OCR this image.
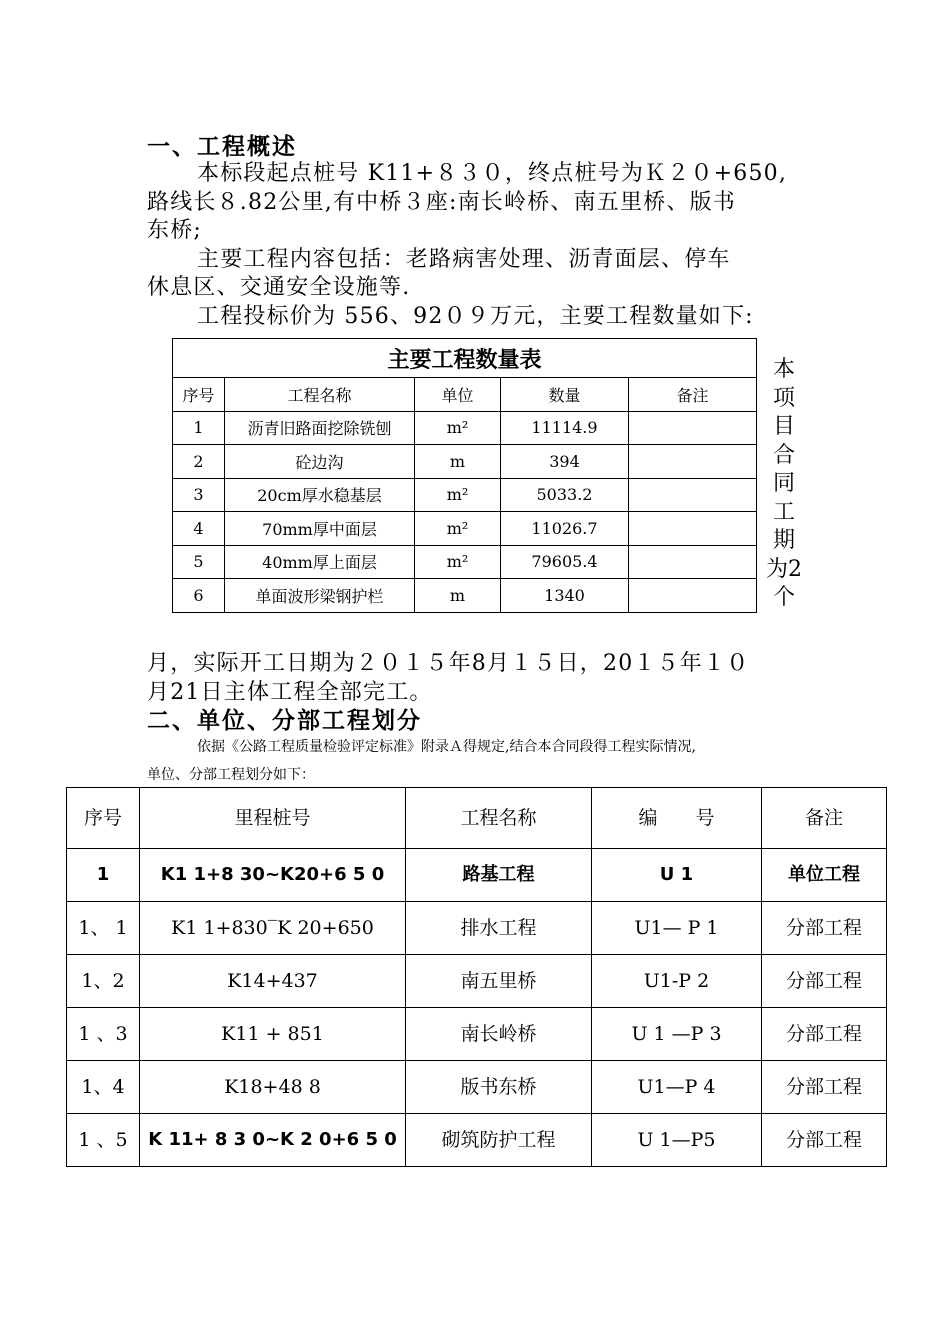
一、工程概述
本标段起点桩号 K11+８３０，终点桩号为Ｋ２０+650,
路线长８.82公里,有中桥３座:南长岭桥、南五里桥、版书
东桥;
主要工程内容包括：老路病害处理、沥青面层、停车
休息区、交通安全设施等.
工程投标价为 556、92０９万元，主要工程数量如下:
主要工程数量表				
序号	工程名称	单位	数量	备注
1	沥青旧路面挖除铣刨	m²	11114.9	
2	砼边沟	m	394	
3	20cm厚水稳基层	m²	5033.2	
4	70mm厚中面层	m²	11026.7	
5	40mm厚上面层	m²	79605.4	
6	单面波形梁钢护栏	m	1340	
本项目合同工期为2个
月，实际开工日期为２０１５年8月１５日，20１５年１０
月21日主体工程全部完工。
二、单位、分部工程划分
依据《公路工程质量检验评定标准》附录Ａ得规定,结合本合同段得工程实际情况,
单位、分部工程划分如下：
序号	里程桩号	工程名称	编　　号	备注
1	K1 1+8 30~K20+6 5 0	路基工程	U 1	单位工程
1、 1	K1 1+830‾K 20+650	排水工程	U1— P 1	分部工程
1、2	K14+437	南五里桥	U1-P 2	分部工程
1 、3	K11 + 851	南长岭桥	U 1 —P 3	分部工程
1、4	K18+48 8	版书东桥	U1—P 4	分部工程
1 、5	K 11+ 8 3 0~K 2 0+6 5 0	砌筑防护工程	U 1—P5	分部工程
